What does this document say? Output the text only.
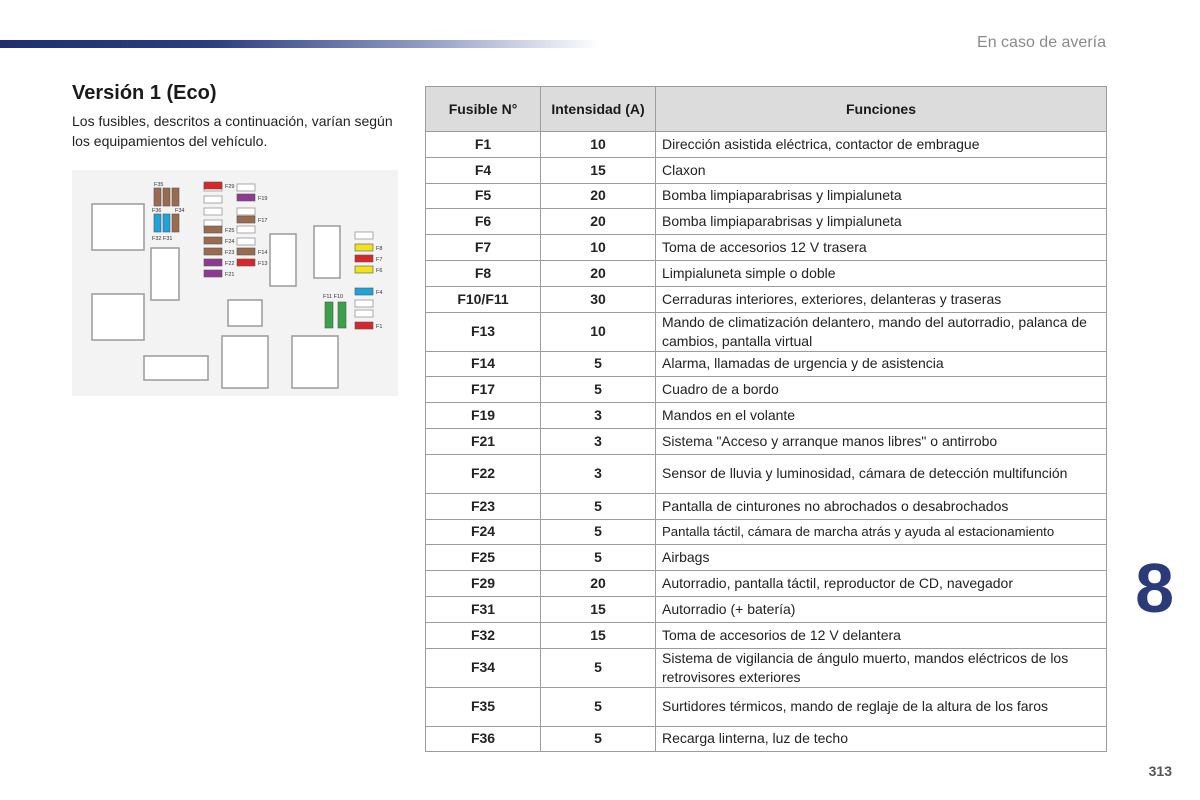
En caso de avería
Versión 1 (Eco)
Los fusibles, descritos a continuación, varían según los equipamientos del vehículo.
F35	F29
F19
F36 F34
F17
F32 F31
F25
F24
F23	F14
F22	F13
F21
F8
F7
F6
F4
F11 F10
F1
Fusible N°	Intensidad (A)	Funciones
F1	10	Dirección asistida eléctrica, contactor de embrague
F4	15	Claxon
F5	20	Bomba limpiaparabrisas y limpialuneta
F6	20	Bomba limpiaparabrisas y limpialuneta
F7	10	Toma de accesorios 12 V trasera
F8	20	Limpialuneta simple o doble
F10/F11	30	Cerraduras interiores, exteriores, delanteras y traseras
F13	10	Mando de climatización delantero, mando del autorradio, palanca de cambios, pantalla virtual
F14	5	Alarma, llamadas de urgencia y de asistencia
F17	5	Cuadro de a bordo
F19	3	Mandos en el volante
F21	3	Sistema "Acceso y arranque manos libres" o antirrobo
F22	3	Sensor de lluvia y luminosidad, cámara de detección multifunción
F23	5	Pantalla de cinturones no abrochados o desabrochados
F24	5	Pantalla táctil, cámara de marcha atrás y ayuda al estacionamiento
F25	5	Airbags
F29	20	Autorradio, pantalla táctil, reproductor de CD, navegador
F31	15	Autorradio (+ batería)
F32	15	Toma de accesorios de 12 V delantera
F34	5	Sistema de vigilancia de ángulo muerto, mandos eléctricos de los retrovisores exteriores
F35	5	Surtidores térmicos, mando de reglaje de la altura de los faros
F36	5	Recarga linterna, luz de techo
8
313
